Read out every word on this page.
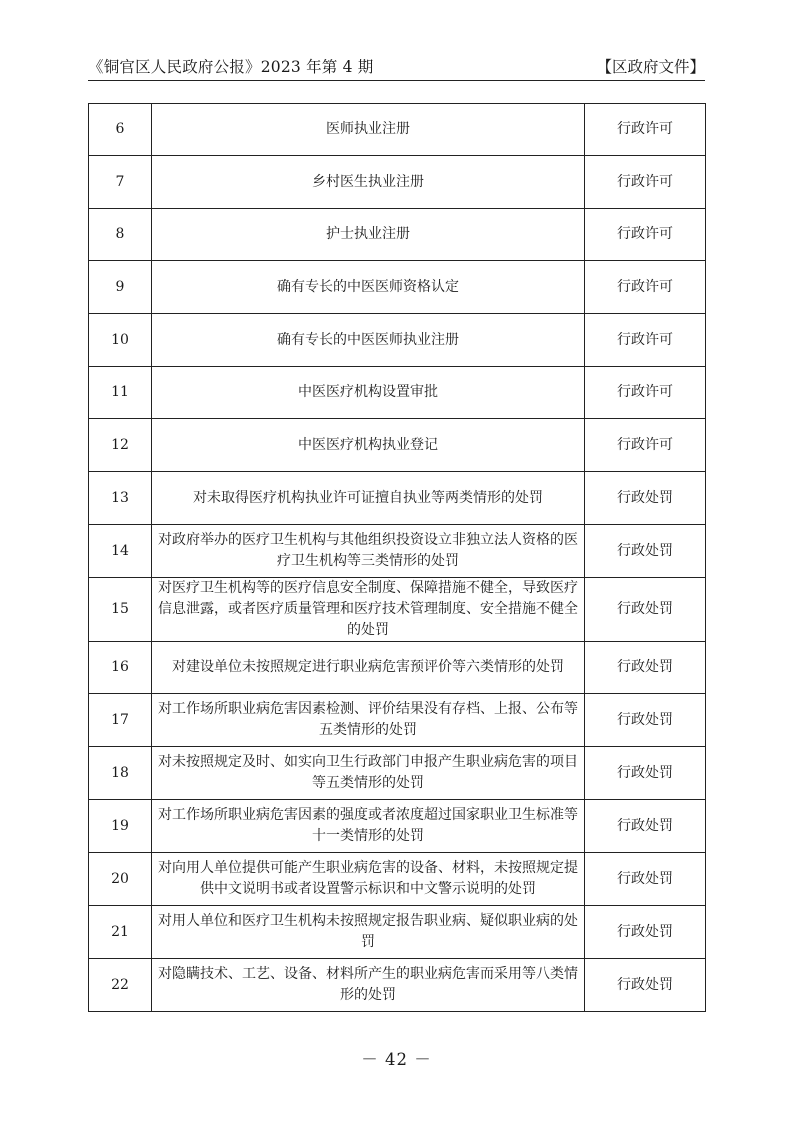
《铜官区人民政府公报》2023 年第 4 期	【区政府文件】
6	医师执业注册	行政许可
7	乡村医生执业注册	行政许可
8	护士执业注册	行政许可
9	确有专长的中医医师资格认定	行政许可
10	确有专长的中医医师执业注册	行政许可
11	中医医疗机构设置审批	行政许可
12	中医医疗机构执业登记	行政许可
13	对未取得医疗机构执业许可证擅自执业等两类情形的处罚	行政处罚
14	对政府举办的医疗卫生机构与其他组织投资设立非独立法人资格的医疗卫生机构等三类情形的处罚	行政处罚
15	对医疗卫生机构等的医疗信息安全制度、保障措施不健全，导致医疗信息泄露，或者医疗质量管理和医疗技术管理制度、安全措施不健全的处罚	行政处罚
16	对建设单位未按照规定进行职业病危害预评价等六类情形的处罚	行政处罚
17	对工作场所职业病危害因素检测、评价结果没有存档、上报、公布等五类情形的处罚	行政处罚
18	对未按照规定及时、如实向卫生行政部门申报产生职业病危害的项目等五类情形的处罚	行政处罚
19	对工作场所职业病危害因素的强度或者浓度超过国家职业卫生标准等十一类情形的处罚	行政处罚
20	对向用人单位提供可能产生职业病危害的设备、材料，未按照规定提供中文说明书或者设置警示标识和中文警示说明的处罚	行政处罚
21	对用人单位和医疗卫生机构未按照规定报告职业病、疑似职业病的处罚	行政处罚
22	对隐瞒技术、工艺、设备、材料所产生的职业病危害而采用等八类情形的处罚	行政处罚
－ 42 －
